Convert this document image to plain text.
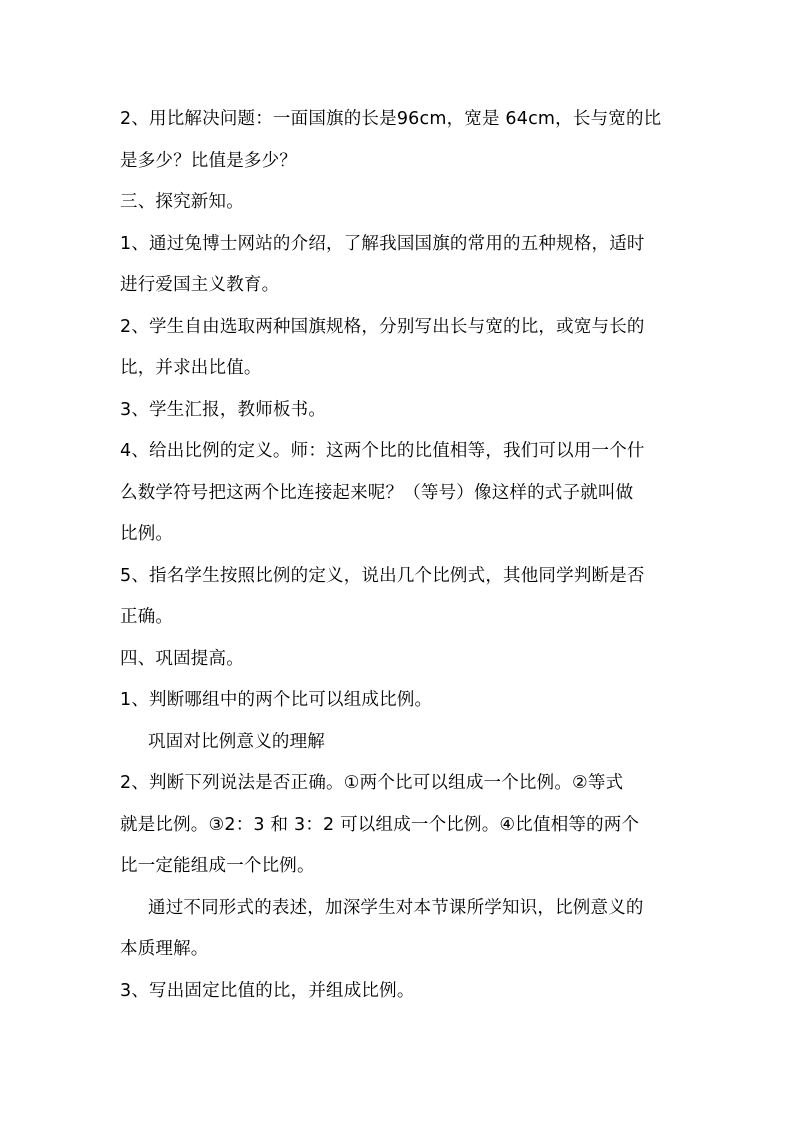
2、用比解决问题：一面国旗的长是96cm，宽是 64cm，长与宽的比
是多少？比值是多少？
三、探究新知。
1、通过兔博士网站的介绍，了解我国国旗的常用的五种规格，适时
进行爱国主义教育。
2、学生自由选取两种国旗规格，分别写出长与宽的比，或宽与长的
比，并求出比值。
3、学生汇报，教师板书。
4、给出比例的定义。师：这两个比的比值相等，我们可以用一个什
么数学符号把这两个比连接起来呢？（等号）像这样的式子就叫做
比例。
5、指名学生按照比例的定义，说出几个比例式，其他同学判断是否
正确。
四、巩固提高。
1、判断哪组中的两个比可以组成比例。
巩固对比例意义的理解
2、判断下列说法是否正确。①两个比可以组成一个比例。②等式
就是比例。③2：3 和 3：2 可以组成一个比例。④比值相等的两个
比一定能组成一个比例。
通过不同形式的表述，加深学生对本节课所学知识，比例意义的
本质理解。
3、写出固定比值的比，并组成比例。
